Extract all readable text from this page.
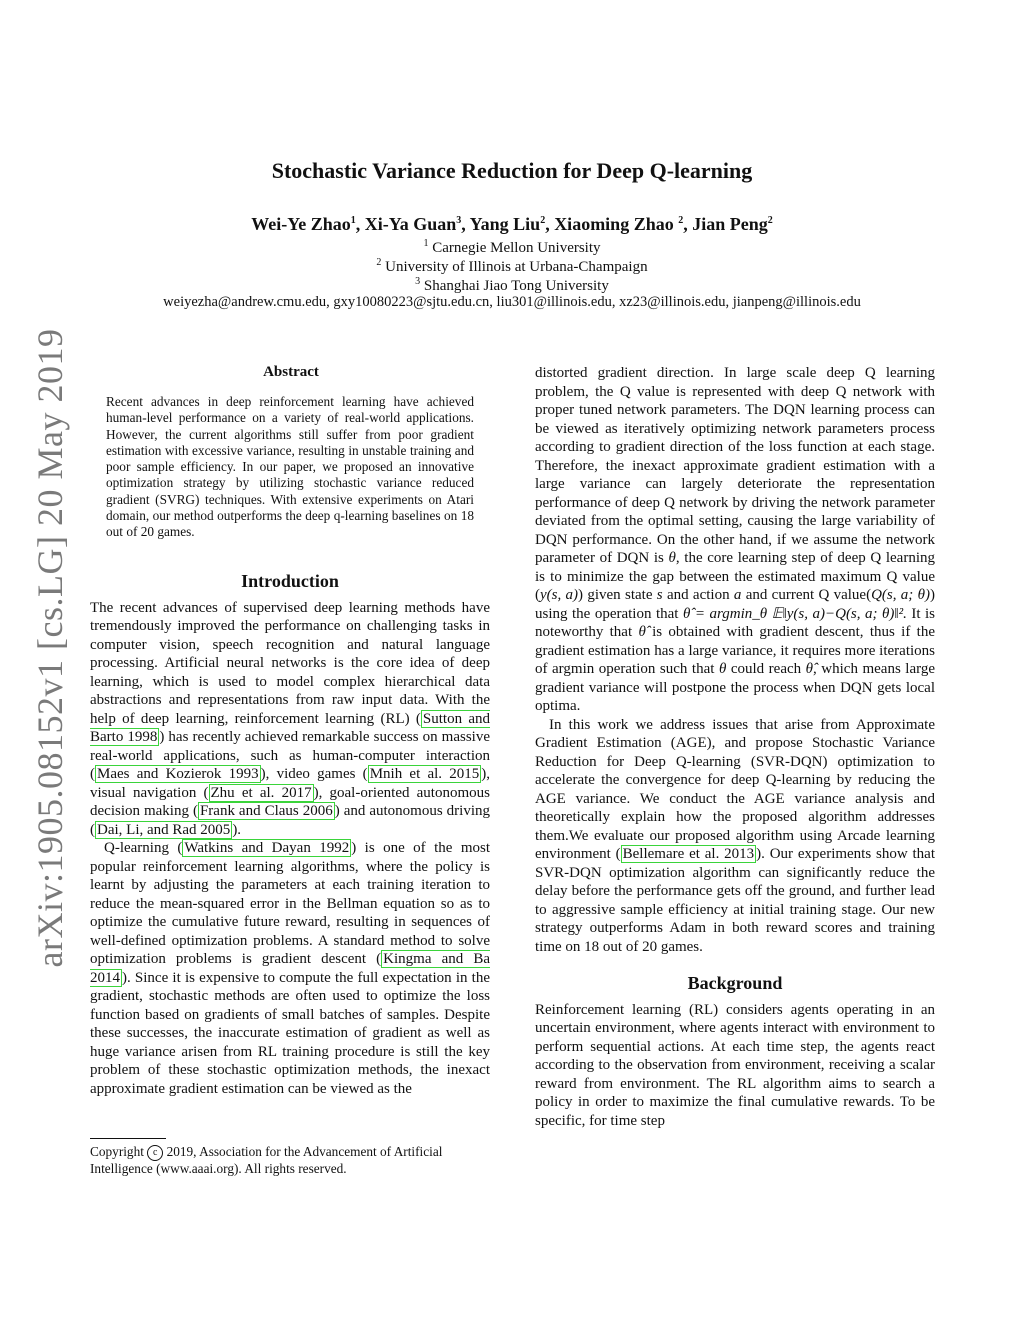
arXiv:1905.08152v1 [cs.LG] 20 May 2019
Stochastic Variance Reduction for Deep Q-learning
Wei-Ye Zhao$^1$, Xi-Ya Guan$^3$, Yang Liu$^2$, Xiaoming Zhao $^2$, Jian Peng$^2$
$^1$ Carnegie Mellon University
$^2$ University of Illinois at Urbana-Champaign
$^3$ Shanghai Jiao Tong University
weiyezha@andrew.cmu.edu, gxy10080223@sjtu.edu.cn, liu301@illinois.edu, xz23@illinois.edu, jianpeng@illinois.edu
Abstract
Recent advances in deep reinforcement learning have achieved human-level performance on a variety of real-world applications. However, the current algorithms still suffer from poor gradient estimation with excessive variance, resulting in unstable training and poor sample efficiency. In our paper, we proposed an innovative optimization strategy by utilizing stochastic variance reduced gradient (SVRG) techniques. With extensive experiments on Atari domain, our method outperforms the deep q-learning baselines on 18 out of 20 games.
Introduction

The recent advances of supervised deep learning methods have tremendously improved the performance on challenging tasks in computer vision, speech recognition and natural language processing. Artificial neural networks is the core idea of deep learning, which is used to model complex hierarchical data abstractions and representations from raw input data. With the help of deep learning, reinforcement learning (RL) ( Sutton and Barto 1998 ) has recently achieved remarkable success on massive real-world applications, such as human-computer interaction ( Maes and Kozierok 1993 ), video games ( Mnih et al. 2015 ), visual navigation ( Zhu et al. 2017 ), goal-oriented autonomous decision making ( Frank and Claus 2006 ) and autonomous driving ( Dai, Li, and Rad 2005 ).

Q-learning ( Watkins and Dayan 1992 ) is one of the most popular reinforcement learning algorithms, where the policy is learnt by adjusting the parameters at each training iteration to reduce the mean-squared error in the Bellman equation so as to optimize the cumulative future reward, resulting in sequences of well-defined optimization problems. A standard method to solve optimization problems is gradient descent ( Kingma and Ba 2014 ). Since it is expensive to compute the full expectation in the gradient, stochastic methods are often used to optimize the loss function based on gradients of small batches of samples. Despite these successes, the inaccurate estimation of gradient as well as huge variance arisen from RL training procedure is still the key problem of these stochastic optimization methods, the inexact approximate gradient estimation can be viewed as the

Copyright c 2019, Association for the Advancement of Artificial Intelligence (www.aaai.org). All rights reserved.

distorted gradient direction. In large scale deep Q learning problem, the Q value is represented with deep Q network with proper tuned network parameters. The DQN learning process can be viewed as iteratively optimizing network parameters process according to gradient direction of the loss function at each stage. Therefore, the inexact approximate gradient estimation with a large variance can largely deteriorate the representation performance of deep Q network by driving the network parameter deviated from the optimal setting, causing the large variability of DQN performance. On the other hand, if we assume the network parameter of DQN is θ, the core learning step of deep Q learning is to minimize the gap between the estimated maximum Q value (y(s, a)) given state s and action a and current Q value(Q(s, a; θ)) using the operation that θ̂ = argmin_θ 𝔼‖y(s, a)−Q(s, a; θ)‖². It is noteworthy that θ̂ is obtained with gradient descent, thus if the gradient estimation has a large variance, it requires more iterations of argmin operation such that θ could reach θ̂, which means large gradient variance will postpone the process when DQN gets local optima.

In this work we address issues that arise from Approximate Gradient Estimation (AGE), and propose Stochastic Variance Reduction for Deep Q-learning (SVR-DQN) optimization to accelerate the convergence for deep Q-learning by reducing the AGE variance. We conduct the AGE variance analysis and theoretically explain how the proposed algorithm addresses them.We evaluate our proposed algorithm using Arcade learning environment ( Bellemare et al. 2013 ). Our experiments show that SVR-DQN optimization algorithm can significantly reduce the delay before the performance gets off the ground, and further lead to aggressive sample efficiency at initial training stage. Our new strategy outperforms Adam in both reward scores and training time on 18 out of 20 games.

Background

Reinforcement learning (RL) considers agents operating in an uncertain environment, where agents interact with environment to perform sequential actions. At each time step, the agents react according to the observation from environment, receiving a scalar reward from environment. The RL algorithm aims to search a policy in order to maximize the final cumulative rewards. To be specific, for time step
